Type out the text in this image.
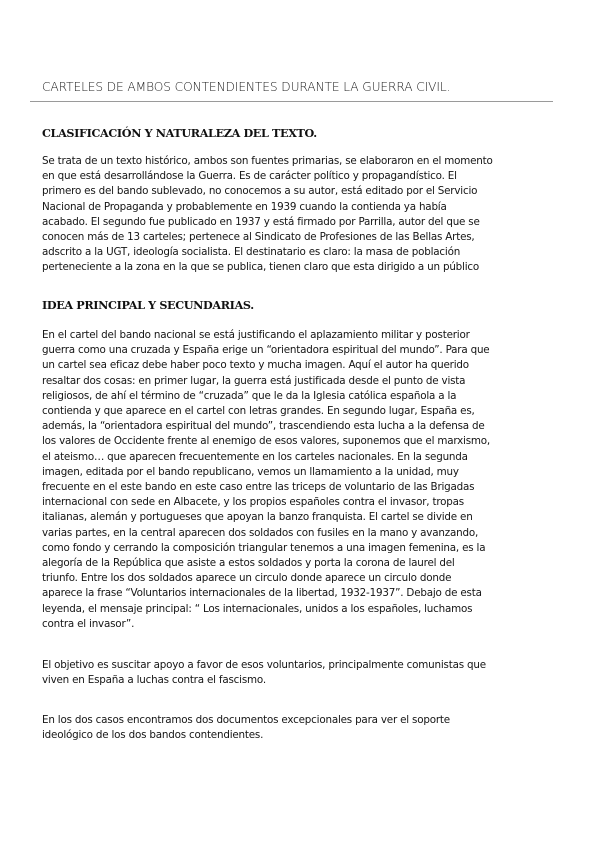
CARTELES DE AMBOS CONTENDIENTES DURANTE LA GUERRA CIVIL.
CLASIFICACIÓN Y NATURALEZA DEL TEXTO.
Se trata de un texto histórico, ambos son fuentes primarias, se elaboraron en el momento
en que está desarrollándose la Guerra. Es de carácter político y propagandístico. El
primero es del bando sublevado, no conocemos a su autor, está editado por el Servicio
Nacional de Propaganda y probablemente en 1939 cuando la contienda ya había
acabado. El segundo fue publicado en 1937 y está firmado por Parrilla, autor del que se
conocen más de 13 carteles; pertenece al Sindicato de Profesiones de las Bellas Artes,
adscrito a la UGT, ideología socialista. El destinatario es claro: la masa de población
perteneciente a la zona en la que se publica, tienen claro que esta dirigido a un público
IDEA PRINCIPAL Y SECUNDARIAS.
En el cartel del bando nacional se está justificando el aplazamiento militar y posterior
guerra como una cruzada y España erige un “orientadora espiritual del mundo”. Para que
un cartel sea eficaz debe haber poco texto y mucha imagen. Aquí el autor ha querido
resaltar dos cosas: en primer lugar, la guerra está justificada desde el punto de vista
religiosos, de ahí el término de “cruzada” que le da la Iglesia católica española a la
contienda y que aparece en el cartel con letras grandes. En segundo lugar, España es,
además, la “orientadora espiritual del mundo”, trascendiendo esta lucha a la defensa de
los valores de Occidente frente al enemigo de esos valores, suponemos que el marxismo,
el ateismo… que aparecen frecuentemente en los carteles nacionales. En la segunda
imagen, editada por el bando republicano, vemos un llamamiento a la unidad, muy
frecuente en el este bando en este caso entre las triceps de voluntario de las Brigadas
internacional con sede en Albacete, y los propios españoles contra el invasor, tropas
italianas, alemán y portugueses que apoyan la banzo franquista. El cartel se divide en
varias partes, en la central aparecen dos soldados con fusiles en la mano y avanzando,
como fondo y cerrando la composición triangular tenemos a una imagen femenina, es la
alegoría de la República que asiste a estos soldados y porta la corona de laurel del
triunfo. Entre los dos soldados aparece un circulo donde aparece un circulo donde
aparece la frase “Voluntarios internacionales de la libertad, 1932-1937”. Debajo de esta
leyenda, el mensaje principal: “ Los internacionales, unidos a los españoles, luchamos
contra el invasor”.
El objetivo es suscitar apoyo a favor de esos voluntarios, principalmente comunistas que
viven en España a luchas contra el fascismo.
En los dos casos encontramos dos documentos excepcionales para ver el soporte
ideológico de los dos bandos contendientes.
